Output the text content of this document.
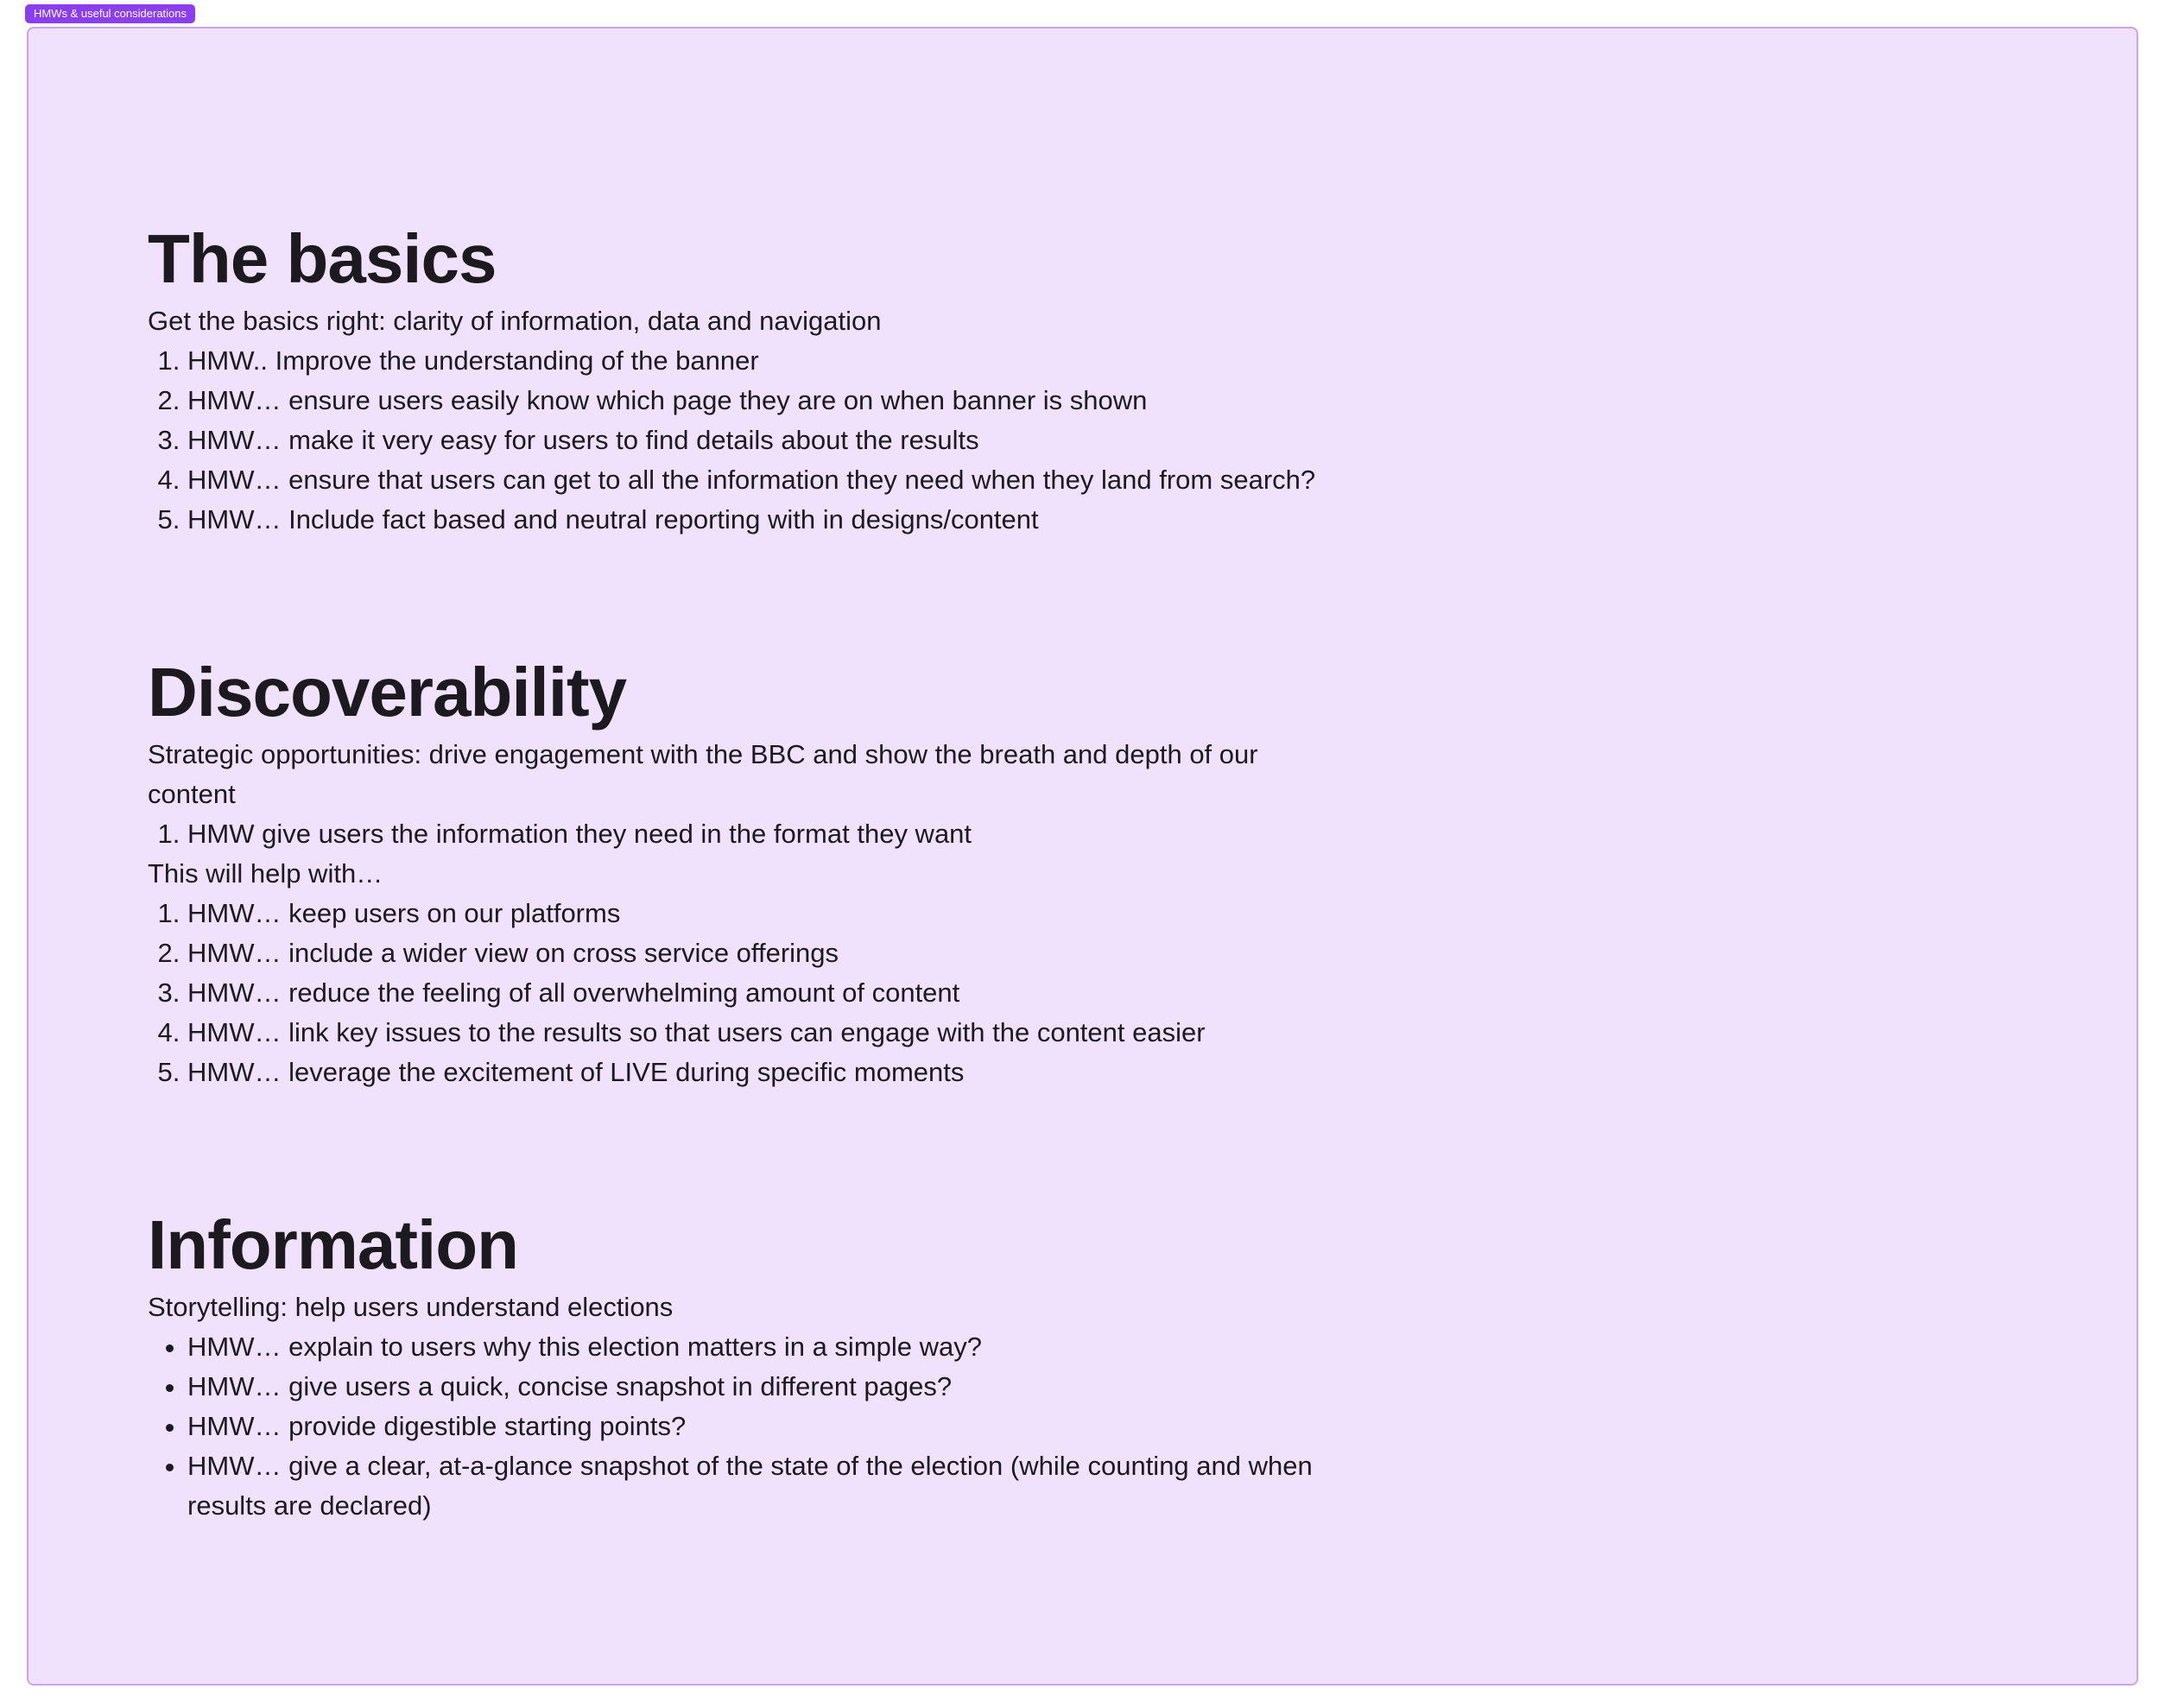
HMWs & useful considerations
The basics

Get the basics right: clarity of information, data and navigation

1. HMW.. Improve the understanding of the banner
2. HMW… ensure users easily know which page they are on when banner is shown
3. HMW… make it very easy for users to find details about the results
4. HMW… ensure that users can get to all the information they need when they land from search?
5. HMW… Include fact based and neutral reporting with in designs/content
Discoverability

Strategic opportunities: drive engagement with the BBC and show the breath and depth of our content

1. HMW give users the information they need in the format they want

This will help with…

1. HMW… keep users on our platforms
2. HMW… include a wider view on cross service offerings
3. HMW… reduce the feeling of all overwhelming amount of content
4. HMW… link key issues to the results so that users can engage with the content easier
5. HMW… leverage the excitement of LIVE during specific moments
Information

Storytelling: help users understand elections

• HMW… explain to users why this election matters in a simple way?
• HMW… give users a quick, concise snapshot in different pages?
• HMW… provide digestible starting points?
• HMW… give a clear, at-a-glance snapshot of the state of the election (while counting and when results are declared)
